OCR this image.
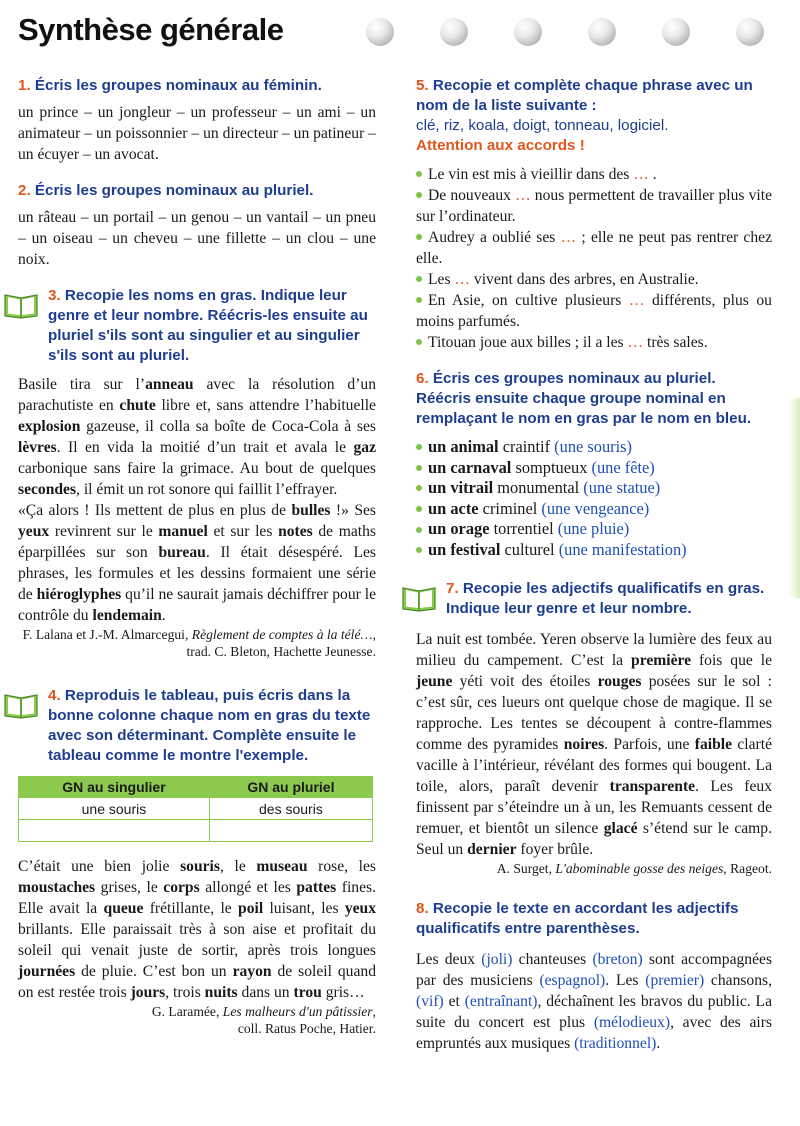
Synthèse générale

1. Écris les groupes nominaux au féminin.

un prince – un jongleur – un professeur – un ami – un animateur – un poissonnier – un directeur – un patineur – un écuyer – un avocat.

2. Écris les groupes nominaux au pluriel.

un râteau – un portail – un genou – un vantail – un pneu – un oiseau – un cheveu – une fillette – un clou – une noix.

3. Recopie les noms en gras. Indique leur genre et leur nombre. Réécris-les ensuite au pluriel s'ils sont au singulier et au singulier s'ils sont au pluriel.

Basile tira sur l’anneau avec la résolution d’un parachutiste en chute libre et, sans attendre l’habituelle explosion gazeuse, il colla sa boîte de Coca-Cola à ses lèvres. Il en vida la moitié d’un trait et avala le gaz carbonique sans faire la grimace. Au bout de quelques secondes, il émit un rot sonore qui faillit l’effrayer.
«Ça alors ! Ils mettent de plus en plus de bulles !» Ses yeux revinrent sur le manuel et sur les notes de maths éparpillées sur son bureau. Il était désespéré. Les phrases, les formules et les dessins formaient une série de hiéroglyphes qu’il ne saurait jamais déchiffrer pour le contrôle du lendemain.

F. Lalana et J.-M. Almarcegui, Règlement de comptes à la télé…, trad. C. Bleton, Hachette Jeunesse.

4. Reproduis le tableau, puis écris dans la bonne colonne chaque nom en gras du texte avec son déterminant. Complète ensuite le tableau comme le montre l'exemple.

GN au singulier	GN au pluriel
une souris	des souris

C’était une bien jolie souris, le museau rose, les moustaches grises, le corps allongé et les pattes fines. Elle avait la queue frétillante, le poil luisant, les yeux brillants. Elle paraissait très à son aise et profitait du soleil qui venait juste de sortir, après trois longues journées de pluie. C’est bon un rayon de soleil quand on est restée trois jours, trois nuits dans un trou gris…

G. Laramée, Les malheurs d'un pâtissier,
coll. Ratus Poche, Hatier.

5. Recopie et complète chaque phrase avec un nom de la liste suivante :

clé, riz, koala, doigt, tonneau, logiciel.

Attention aux accords !

Le vin est mis à vieillir dans des … .
De nouveaux … nous permettent de travailler plus vite sur l’ordinateur.
Audrey a oublié ses … ; elle ne peut pas rentrer chez elle.
Les … vivent dans des arbres, en Australie.
En Asie, on cultive plusieurs … différents, plus ou moins parfumés.
Titouan joue aux billes ; il a les … très sales.

6. Écris ces groupes nominaux au pluriel. Réécris ensuite chaque groupe nominal en remplaçant le nom en gras par le nom en bleu.

un animal craintif (une souris)
un carnaval somptueux (une fête)
un vitrail monumental (une statue)
un acte criminel (une vengeance)
un orage torrentiel (une pluie)
un festival culturel (une manifestation)

7. Recopie les adjectifs qualificatifs en gras. Indique leur genre et leur nombre.

La nuit est tombée. Yeren observe la lumière des feux au milieu du campement. C’est la première fois que le jeune yéti voit des étoiles rouges posées sur le sol : c’est sûr, ces lueurs ont quelque chose de magique. Il se rapproche. Les tentes se découpent à contre-flammes comme des pyramides noires. Parfois, une faible clarté vacille à l’intérieur, révélant des formes qui bougent. La toile, alors, paraît devenir transparente. Les feux finissent par s’éteindre un à un, les Remuants cessent de remuer, et bientôt un silence glacé s’étend sur le camp. Seul un dernier foyer brûle.

A. Surget, L'abominable gosse des neiges, Rageot.

8. Recopie le texte en accordant les adjectifs qualificatifs entre parenthèses.

Les deux (joli) chanteuses (breton) sont accompagnées par des musiciens (espagnol). Les (premier) chansons, (vif) et (entraînant), déchaînent les bravos du public. La suite du concert est plus (mélodieux), avec des airs empruntés aux musiques (traditionnel).
